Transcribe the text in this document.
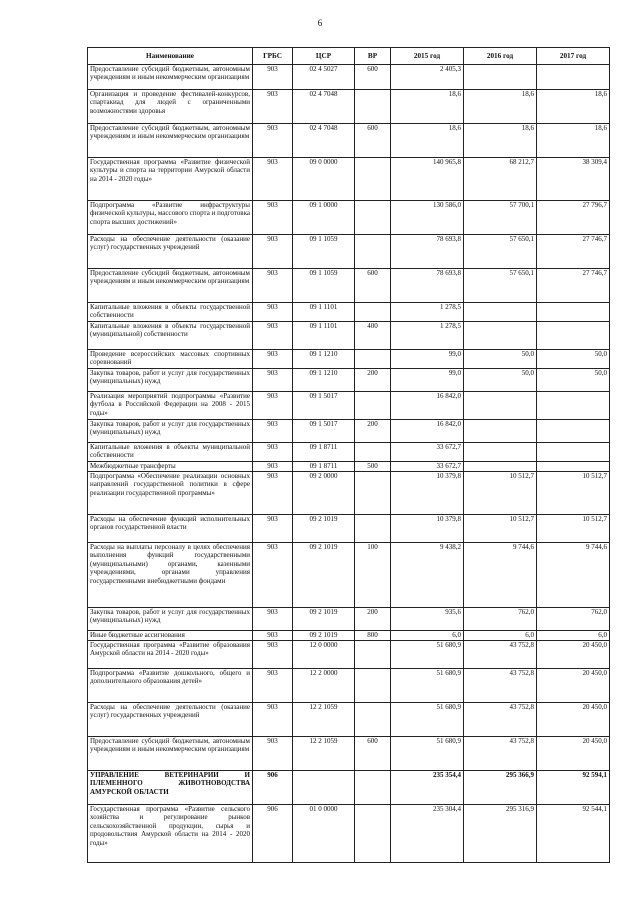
6
Наименование	ГРБС	ЦСР	ВР	2015 год	2016 год	2017 год
Предоставление субсидий бюджетным, автономным учреждениям и иным некоммерческим организациям	903	02 4 5027	600	2 405,3		
Организация и проведение фестивалей-конкурсов, спартакиад для людей с ограниченными возможностями здоровья	903	02 4 7048		18,6	18,6	18,6
Предоставление субсидий бюджетным, автономным учреждениям и иным некоммерческим организациям	903	02 4 7048	600	18,6	18,6	18,6
Государственная программа «Развитие физической культуры и спорта на территории Амурской области на 2014 - 2020 годы»	903	09 0 0000		140 965,8	68 212,7	38 309,4
Подпрограмма «Развитие инфраструктуры физической культуры, массового спорта и подготовка спорта высших достижений»	903	09 1 0000		130 586,0	57 700,1	27 796,7
Расходы на обеспечение деятельности (оказание услуг) государственных учреждений	903	09 1 1059		78 693,8	57 650,1	27 746,7
Предоставление субсидий бюджетным, автономным учреждениям и иным некоммерческим организациям	903	09 1 1059	600	78 693,8	57 650,1	27 746,7
Капитальные вложения в объекты государственной собственности	903	09 1 1101		1 278,5		
Капитальные вложения в объекты государственной (муниципальной) собственности	903	09 1 1101	400	1 278,5		
Проведение всероссийских массовых спортивных соревнований	903	09 1 1210		99,0	50,0	50,0
Закупка товаров, работ и услуг для государственных (муниципальных) нужд	903	09 1 1210	200	99,0	50,0	50,0
Реализация мероприятий подпрограммы «Развитие футбола в Российской Федерации на 2008 - 2015 годы»	903	09 1 5017		16 842,0		
Закупка товаров, работ и услуг для государственных (муниципальных) нужд	903	09 1 5017	200	16 842,0		
Капитальные вложения в объекты муниципальной собственности	903	09 1 8711		33 672,7		
Межбюджетные трансферты	903	09 1 8711	500	33 672,7		
Подпрограмма «Обеспечение реализации основных направлений государственной политики в сфере реализации государственной программы»	903	09 2 0000		10 379,8	10 512,7	10 512,7
Расходы на обеспечение функций исполнительных органов государственной власти	903	09 2 1019		10 379,8	10 512,7	10 512,7
Расходы на выплаты персоналу в целях обеспечения выполнения функций государственными (муниципальными) органами, казенными учреждениями, органами управления государственными внебюджетными фондами	903	09 2 1019	100	9 438,2	9 744,6	9 744,6
Закупка товаров, работ и услуг для государственных (муниципальных) нужд	903	09 2 1019	200	935,6	762,0	762,0
Иные бюджетные ассигнования	903	09 2 1019	800	6,0	6,0	6,0
Государственная программа «Развитие образования Амурской области на 2014 - 2020 годы»	903	12 0 0000		51 680,9	43 752,8	20 450,0
Подпрограмма «Развитие дошкольного, общего и дополнительного образования детей»	903	12 2 0000		51 680,9	43 752,8	20 450,0
Расходы на обеспечение деятельности (оказание услуг) государственных учреждений	903	12 2 1059		51 680,9	43 752,8	20 450,0
Предоставление субсидий бюджетным, автономным учреждениям и иным некоммерческим организациям	903	12 2 1059	600	51 680,9	43 752,8	20 450,0
УПРАВЛЕНИЕ ВЕТЕРИНАРИИ И ПЛЕМЕННОГО ЖИВОТНОВОДСТВА АМУРСКОЙ ОБЛАСТИ	906			235 354,4	295 366,9	92 594,1
Государственная программа «Развитие сельского хозяйства и регулирование рынков сельскохозяйственной продукции, сырья и продовольствия Амурской области на 2014 - 2020 годы»	906	01 0 0000		235 304,4	295 316,9	92 544,1
